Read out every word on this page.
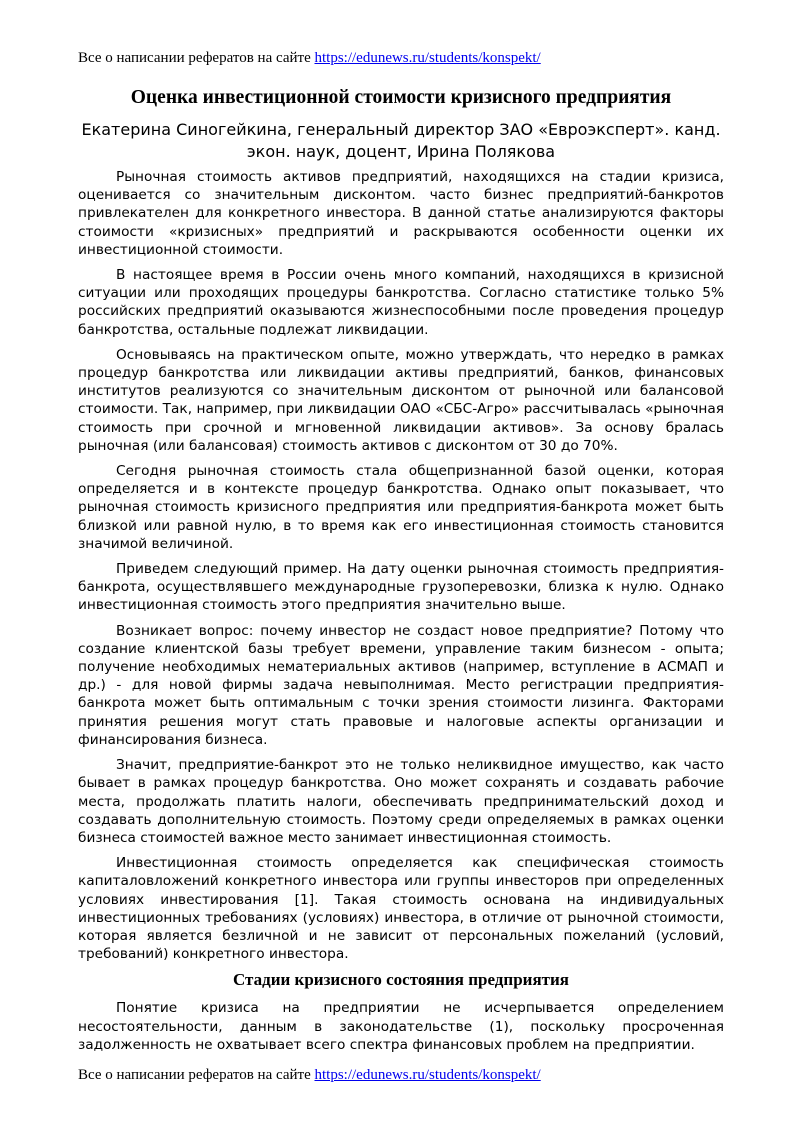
Все о написании рефератов на сайте https://edunews.ru/students/konspekt/
Оценка инвестиционной стоимости кризисного предприятия
Екатерина Синогейкина, генеральный директор ЗАО «Евроэксперт». канд.
экон. наук, доцент, Ирина Полякова

Рыночная стоимость активов предприятий, находящихся на стадии кризиса, оценивается со значительным дисконтом. часто бизнес предприятий-банкротов привлекателен для конкретного инвестора. В данной статье анализируются факторы стоимости «кризисных» предприятий и раскрываются особенности оценки их инвестиционной стоимости.

В настоящее время в России очень много компаний, находящихся в кризисной ситуации или проходящих процедуры банкротства. Согласно статистике только 5% российских предприятий оказываются жизнеспособными после проведения процедур банкротства, остальные подлежат ликвидации.

Основываясь на практическом опыте, можно утверждать, что нередко в рамках процедур банкротства или ликвидации активы предприятий, банков, финансовых институтов реализуются со значительным дисконтом от рыночной или балансовой стоимости. Так, например, при ликвидации ОАО «СБС-Агро» рассчитывалась «рыночная стоимость при срочной и мгновенной ликвидации активов». За основу бралась рыночная (или балансовая) стоимость активов с дисконтом от 30 до 70%.

Сегодня рыночная стоимость стала общепризнанной базой оценки, которая определяется и в контексте процедур банкротства. Однако опыт показывает, что рыночная стоимость кризисного предприятия или предприятия-банкрота может быть близкой или равной нулю, в то время как его инвестиционная стоимость становится значимой величиной.

Приведем следующий пример. На дату оценки рыночная стоимость предприятия-банкрота, осуществлявшего международные грузоперевозки, близка к нулю. Однако инвестиционная стоимость этого предприятия значительно выше.

Возникает вопрос: почему инвестор не создаст новое предприятие? Потому что создание клиентской базы требует времени, управление таким бизнесом - опыта; получение необходимых нематериальных активов (например, вступление в АСМАП и др.) - для новой фирмы задача невыполнимая. Место регистрации предприятия-банкрота может быть оптимальным с точки зрения стоимости лизинга. Факторами принятия решения могут стать правовые и налоговые аспекты организации и финансирования бизнеса.

Значит, предприятие-банкрот это не только неликвидное имущество, как часто бывает в рамках процедур банкротства. Оно может сохранять и создавать рабочие места, продолжать платить налоги, обеспечивать предпринимательский доход и создавать дополнительную стоимость. Поэтому среди определяемых в рамках оценки бизнеса стоимостей важное место занимает инвестиционная стоимость.

Инвестиционная стоимость определяется как специфическая стоимость капиталовложений конкретного инвестора или группы инвесторов при определенных условиях инвестирования [1]. Такая стоимость основана на индивидуальных инвестиционных требованиях (условиях) инвестора, в отличие от рыночной стоимости, которая является безличной и не зависит от персональных пожеланий (условий, требований) конкретного инвестора.

Стадии кризисного состояния предприятия

Понятие кризиса на предприятии не исчерпывается определением несостоятельности, данным в законодательстве (1), поскольку просроченная задолженность не охватывает всего спектра финансовых проблем на предприятии.

Все о написании рефератов на сайте https://edunews.ru/students/konspekt/
